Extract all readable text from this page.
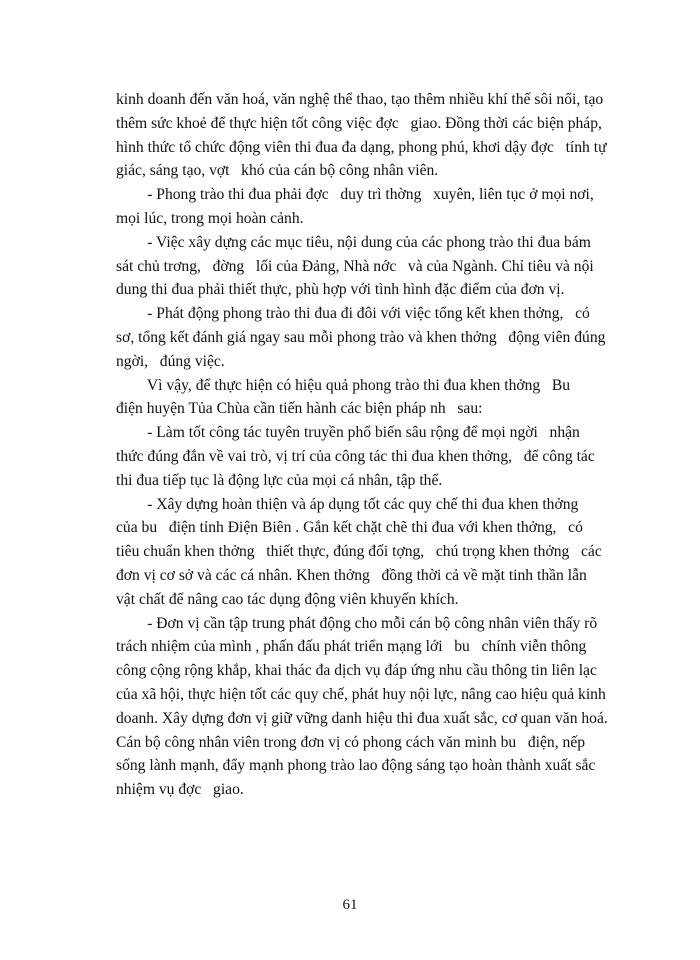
kinh doanh đến văn hoá, văn nghệ thể thao, tạo thêm nhiều khí thế sôi nổi, tạo
thêm sức khoẻ để thực hiện tốt công việc đợc   giao. Đồng thời các biện pháp,
hình thức tổ chức động viên thi đua đa dạng, phong phú, khơi dậy đợc   tính tự
giác, sáng tạo, vợt   khó của cán bộ công nhân viên.

- Phong trào thi đua phải đợc   duy trì thờng   xuyên, liên tục ở mọi nơi,
mọi lúc, trong mọi hoàn cảnh.

- Việc xây dựng các mục tiêu, nội dung của các phong trào thi đua bám
sát chủ trơng,   đờng   lối của Đảng, Nhà nớc   và của Ngành. Chỉ tiêu và nội
dung thi đua phải thiết thực, phù hợp với tình hình đặc điểm của đơn vị.

- Phát động phong trào thi đua đi đôi với việc tổng kết khen thởng,   có
sơ, tổng kết đánh giá ngay sau mỗi phong trào và khen thởng   động viên đúng
ngời,   đúng việc.

Vì vậy, để thực hiện có hiệu quả phong trào thi đua khen thởng   Bu
điện huyện Tủa Chùa cần tiến hành các biện pháp nh   sau:

- Làm tốt công tác tuyên truyền phổ biến sâu rộng để mọi ngời   nhận
thức đúng đắn về vai trò, vị trí của công tác thi đua khen thởng,   để công tác
thi đua tiếp tục là động lực của mọi cá nhân, tập thể.

- Xây dựng hoàn thiện và áp dụng tốt các quy chế thi đua khen thởng
của bu   điện tỉnh Điện Biên . Gắn kết chặt chẽ thi đua với khen thởng,   có
tiêu chuẩn khen thởng   thiết thực, đúng đối tợng,   chú trọng khen thởng   các
đơn vị cơ sở và các cá nhân. Khen thởng   đồng thời cả về mặt tinh thần lẫn
vật chất để nâng cao tác dụng động viên khuyến khích.

- Đơn vị cần tập trung phát động cho mỗi cán bộ công nhân viên thấy rõ
trách nhiệm của mình , phấn đấu phát triển mạng lới   bu   chính viễn thông
công cộng rộng khắp, khai thác đa dịch vụ đáp ứng nhu cầu thông tin liên lạc
của xã hội, thực hiện tốt các quy chế, phát huy nội lực, nâng cao hiệu quả kinh
doanh. Xây dựng đơn vị giữ vững danh hiệu thi đua xuất sắc, cơ quan văn hoá.
Cán bộ công nhân viên trong đơn vị có phong cách văn minh bu   điện, nếp
sống lành mạnh, đẩy mạnh phong trào lao động sáng tạo hoàn thành xuất sắc
nhiệm vụ đợc   giao.

61
